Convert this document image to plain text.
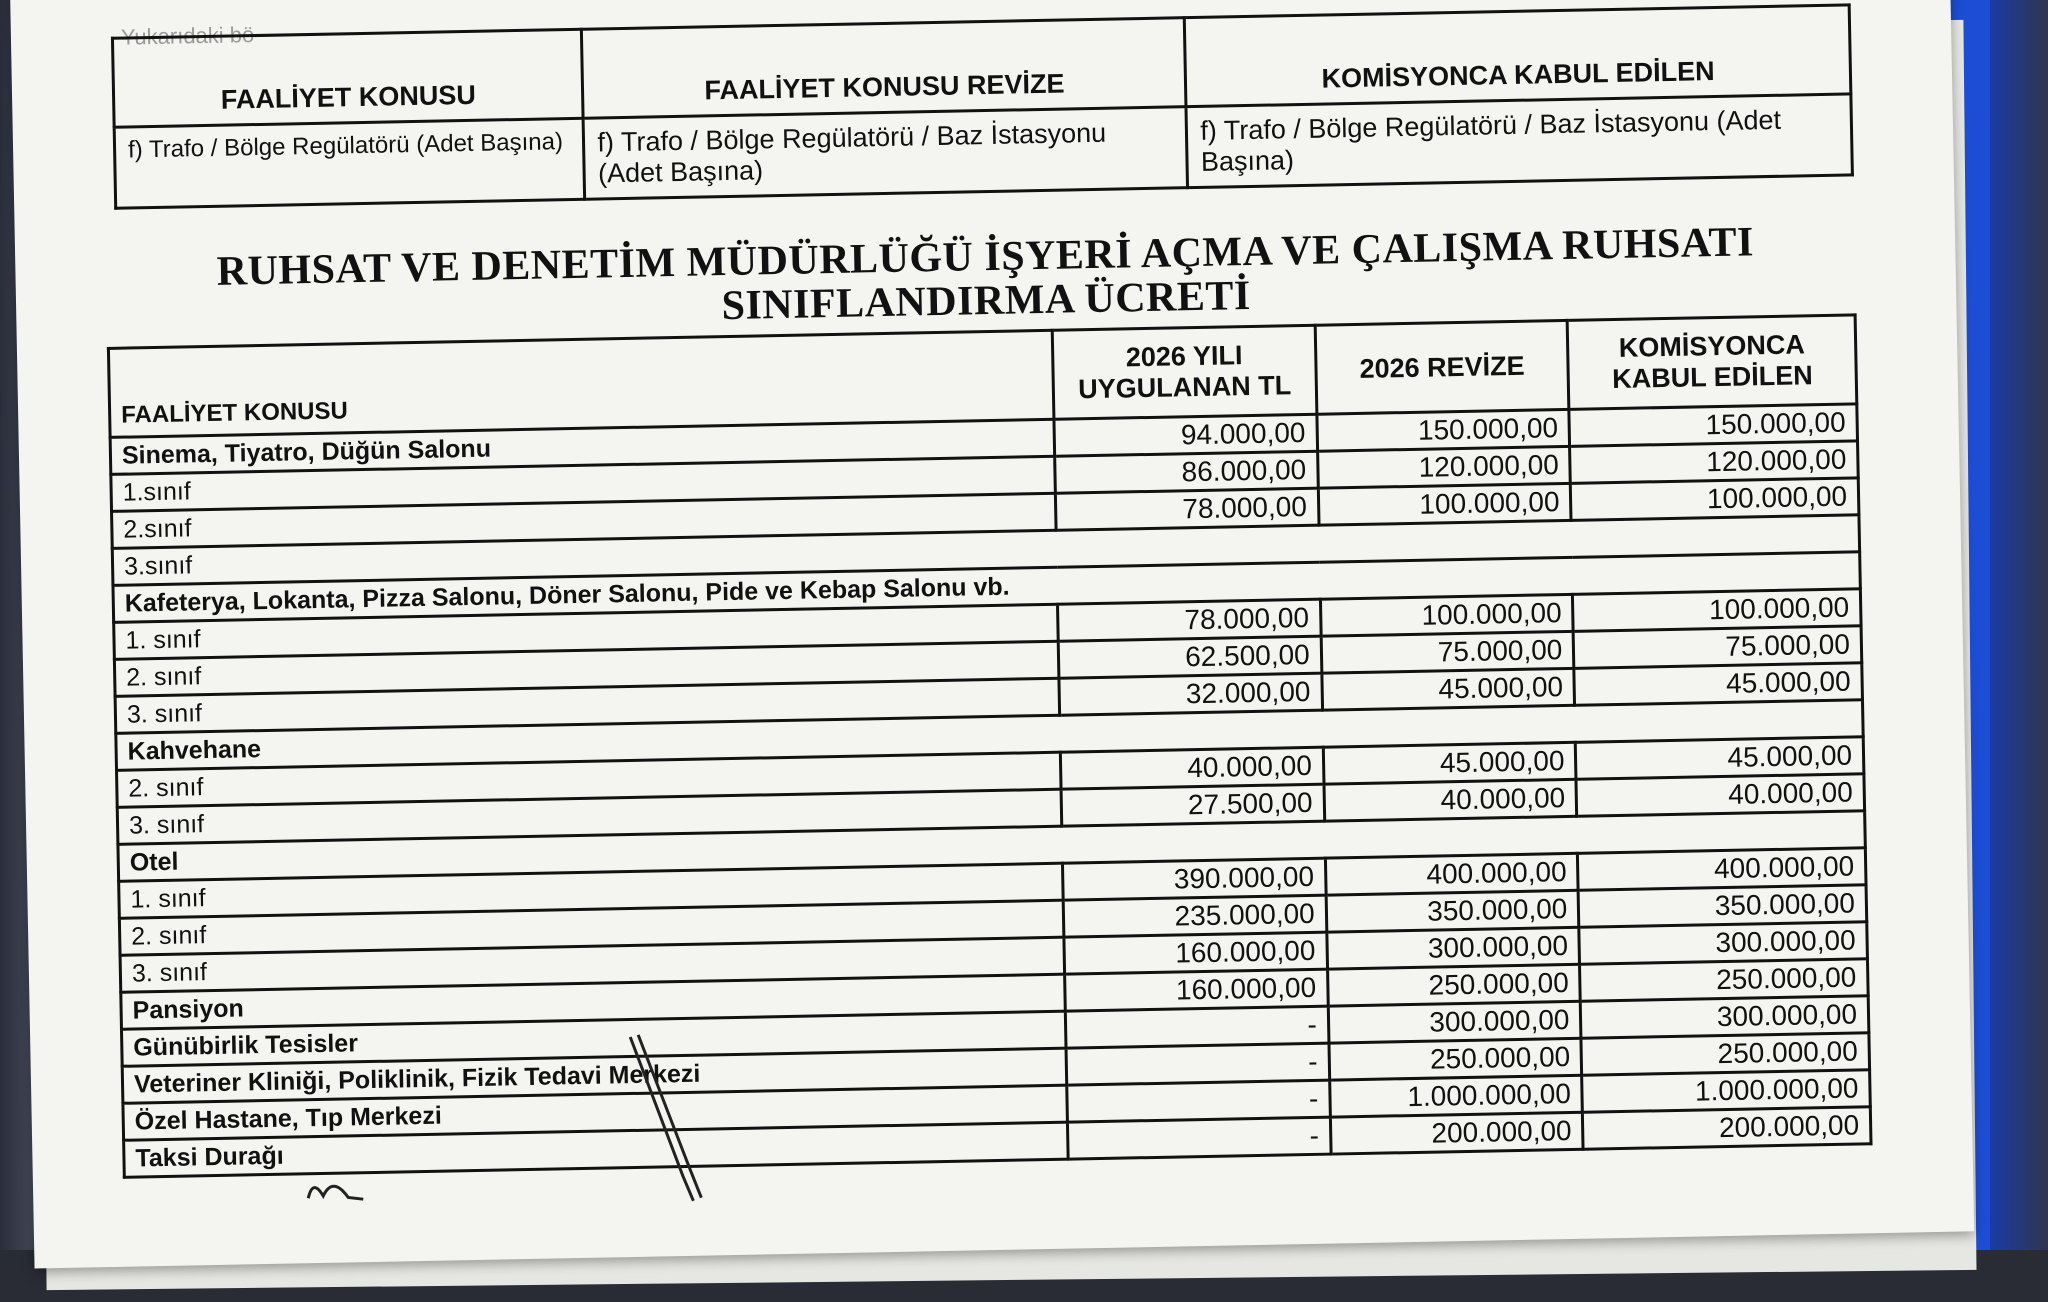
Yukarıdaki bö
FAALİYET KONUSU	FAALİYET KONUSU REVİZE	KOMİSYONCA KABUL EDİLEN
f) Trafo / Bölge Regülatörü (Adet Başına)	f) Trafo / Bölge Regülatörü / Baz İstasyonu (Adet Başına)	f) Trafo / Bölge Regülatörü / Baz İstasyonu (Adet Başına)
RUHSAT VE DENETİM MÜDÜRLÜĞÜ İŞYERİ AÇMA VE ÇALIŞMA RUHSATI SINIFLANDIRMA ÜCRETİ
FAALİYET KONUSU	2026 YILI UYGULANAN TL	2026 REVİZE	KOMİSYONCA KABUL EDİLEN
Sinema, Tiyatro, Düğün Salonu	94.000,00	150.000,00	150.000,00
1.sınıf	86.000,00	120.000,00	120.000,00
2.sınıf	78.000,00	100.000,00	100.000,00
3.sınıf			
Kafeterya, Lokanta, Pizza Salonu, Döner Salonu, Pide ve Kebap Salonu vb.			
1. sınıf	78.000,00	100.000,00	100.000,00
2. sınıf	62.500,00	75.000,00	75.000,00
3. sınıf	32.000,00	45.000,00	45.000,00
Kahvehane			
2. sınıf	40.000,00	45.000,00	45.000,00
3. sınıf	27.500,00	40.000,00	40.000,00
Otel			
1. sınıf	390.000,00	400.000,00	400.000,00
2. sınıf	235.000,00	350.000,00	350.000,00
3. sınıf	160.000,00	300.000,00	300.000,00
Pansiyon	160.000,00	250.000,00	250.000,00
Günübirlik Tesisler	-	300.000,00	300.000,00
Veteriner Kliniği, Poliklinik, Fizik Tedavi Merkezi	-	250.000,00	250.000,00
Özel Hastane, Tıp Merkezi	-	1.000.000,00	1.000.000,00
Taksi Durağı	-	200.000,00	200.000,00
